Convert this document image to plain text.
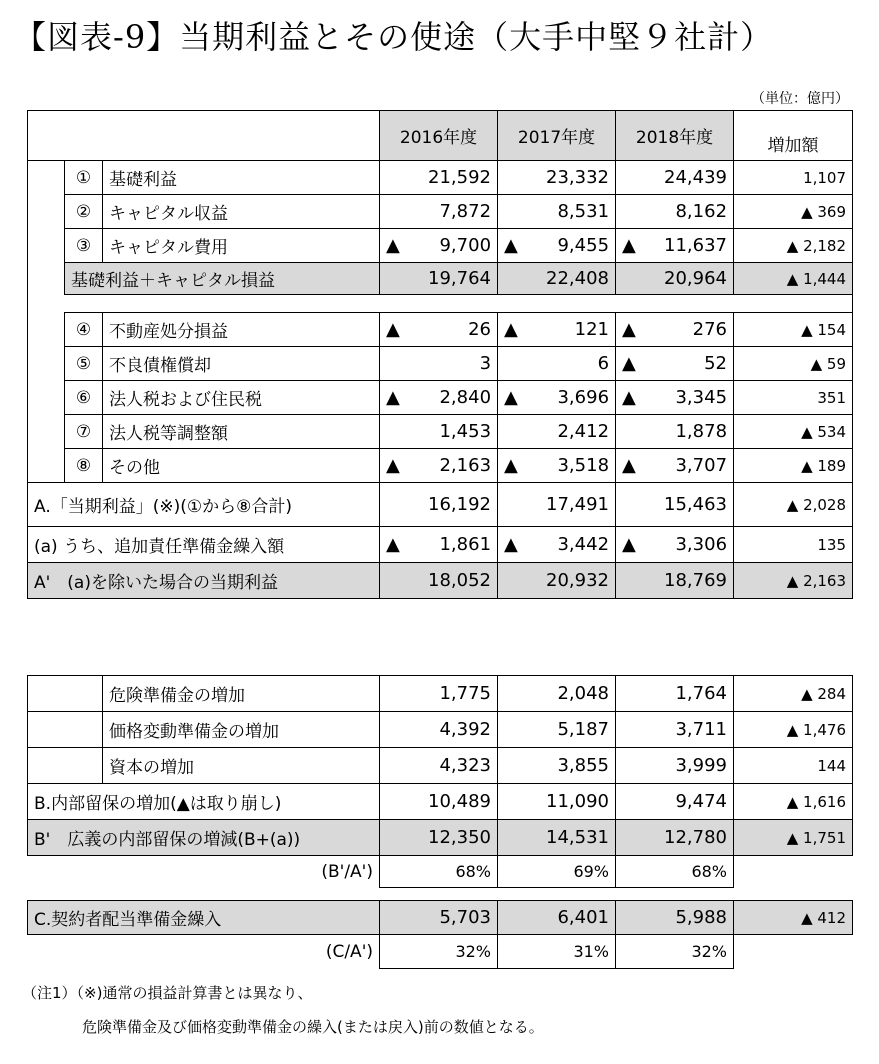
【図表-9】当期利益とその使途（大手中堅９社計）
（単位：億円）
			2016年度	2017年度	2018年度	増加額
	①	基礎利益	21,592	23,332	24,439	1,107
	②	キャピタル収益	7,872	8,531	8,162	▲ 369
	③	キャピタル費用	▲ 9,700	▲ 9,455	▲ 11,637	▲ 2,182
	基礎利益＋キャピタル損益		19,764	22,408	20,964	▲ 1,444

	④	不動産処分損益	▲ 26	▲ 121	▲ 276	▲ 154
	⑤	不良債権償却	3	6	▲ 52	▲ 59
	⑥	法人税および住民税	▲ 2,840	▲ 3,696	▲ 3,345	351
	⑦	法人税等調整額	1,453	2,412	1,878	▲ 534
	⑧	その他	▲ 2,163	▲ 3,518	▲ 3,707	▲ 189
A.「当期利益」(※)(①から⑧合計)			16,192	17,491	15,463	▲ 2,028
(a) うち、追加責任準備金繰入額			▲ 1,861	▲ 3,442	▲ 3,306	135
A'　(a)を除いた場合の当期利益			18,052	20,932	18,769	▲ 2,163
	危険準備金の増加	1,775	2,048	1,764	▲ 284
	価格変動準備金の増加	4,392	5,187	3,711	▲ 1,476
	資本の増加	4,323	3,855	3,999	144
B.内部留保の増加(▲は取り崩し)		10,489	11,090	9,474	▲ 1,616
B'　広義の内部留保の増減(B+(a))		12,350	14,531	12,780	▲ 1,751
(B'/A')		68%	69%	68%	
C.契約者配当準備金繰入	5,703	6,401	5,988	▲ 412
(C/A')	32%	31%	32%	
（注1）（※)通常の損益計算書とは異なり、
危険準備金及び価格変動準備金の繰入(または戻入)前の数値となる。
